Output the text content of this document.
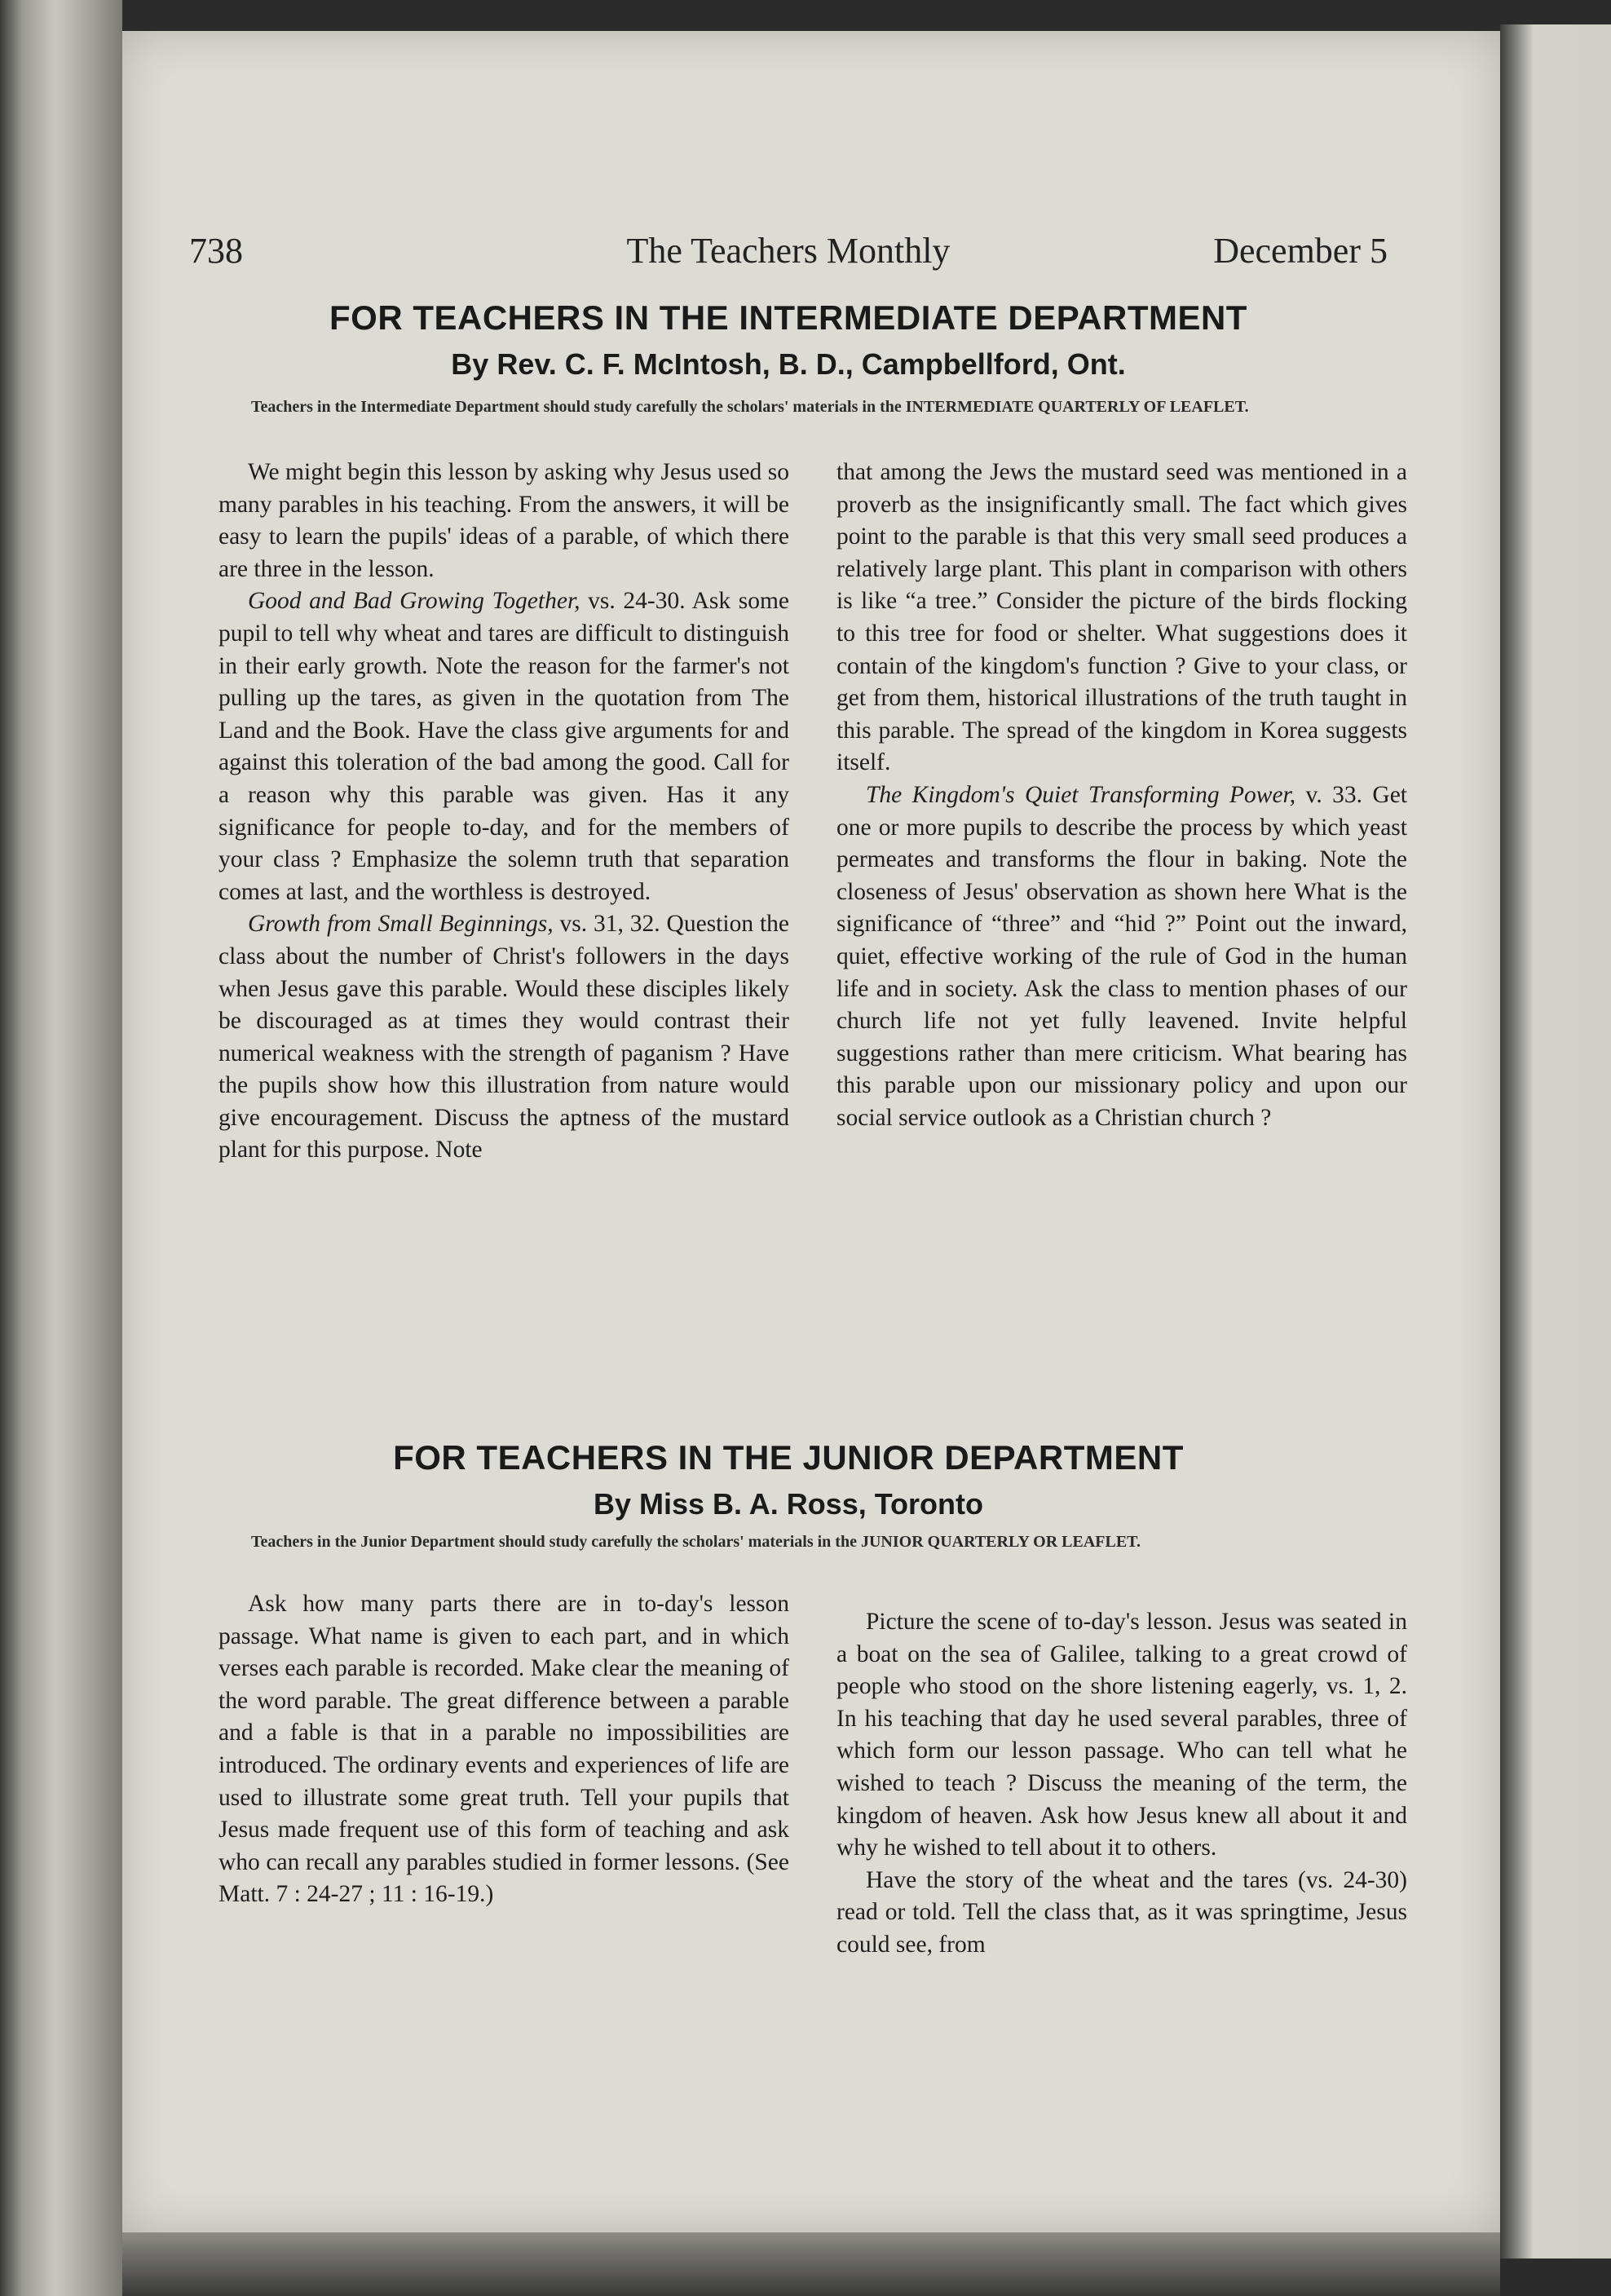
738	The Teachers Monthly	December 5
FOR TEACHERS IN THE INTERMEDIATE DEPARTMENT
By Rev. C. F. McIntosh, B. D., Campbellford, Ont.
Teachers in the Intermediate Department should study carefully the scholars' materials in the INTERMEDIATE QUARTERLY OF LEAFLET.

We might begin this lesson by asking why Jesus used so many parables in his teaching. From the answers, it will be easy to learn the pupils' ideas of a parable, of which there are three in the lesson.

Good and Bad Growing Together, vs. 24-30. Ask some pupil to tell why wheat and tares are difficult to distinguish in their early growth. Note the reason for the farmer's not pulling up the tares, as given in the quotation from The Land and the Book. Have the class give arguments for and against this toleration of the bad among the good. Call for a reason why this parable was given. Has it any significance for people to-day, and for the members of your class ? Emphasize the solemn truth that separation comes at last, and the worthless is destroyed.

Growth from Small Beginnings, vs. 31, 32. Question the class about the number of Christ's followers in the days when Jesus gave this parable. Would these disciples likely be discouraged as at times they would contrast their numerical weakness with the strength of paganism ? Have the pupils show how this illustration from nature would give encouragement. Discuss the aptness of the mustard plant for this purpose. Note

that among the Jews the mustard seed was mentioned in a proverb as the insignificantly small. The fact which gives point to the parable is that this very small seed produces a relatively large plant. This plant in comparison with others is like “a tree.” Consider the picture of the birds flocking to this tree for food or shelter. What suggestions does it contain of the kingdom's function ? Give to your class, or get from them, historical illustrations of the truth taught in this parable. The spread of the kingdom in Korea suggests itself.

The Kingdom's Quiet Transforming Power, v. 33. Get one or more pupils to describe the process by which yeast permeates and transforms the flour in baking. Note the closeness of Jesus' observation as shown here What is the significance of “three” and “hid ?” Point out the inward, quiet, effective working of the rule of God in the human life and in society. Ask the class to mention phases of our church life not yet fully leavened. Invite helpful suggestions rather than mere criticism. What bearing has this parable upon our missionary policy and upon our social service outlook as a Christian church ?

FOR TEACHERS IN THE JUNIOR DEPARTMENT
By Miss B. A. Ross, Toronto
Teachers in the Junior Department should study carefully the scholars' materials in the JUNIOR QUARTERLY OR LEAFLET.

Ask how many parts there are in to-day's lesson passage. What name is given to each part, and in which verses each parable is recorded. Make clear the meaning of the word parable. The great difference between a parable and a fable is that in a parable no impossibilities are introduced. The ordinary events and experiences of life are used to illustrate some great truth. Tell your pupils that Jesus made frequent use of this form of teaching and ask who can recall any parables studied in former lessons. (See Matt. 7 : 24-27 ; 11 : 16-19.)

Picture the scene of to-day's lesson. Jesus was seated in a boat on the sea of Galilee, talking to a great crowd of people who stood on the shore listening eagerly, vs. 1, 2. In his teaching that day he used several parables, three of which form our lesson passage. Who can tell what he wished to teach ? Discuss the meaning of the term, the kingdom of heaven. Ask how Jesus knew all about it and why he wished to tell about it to others.

Have the story of the wheat and the tares (vs. 24-30) read or told. Tell the class that, as it was springtime, Jesus could see, from
